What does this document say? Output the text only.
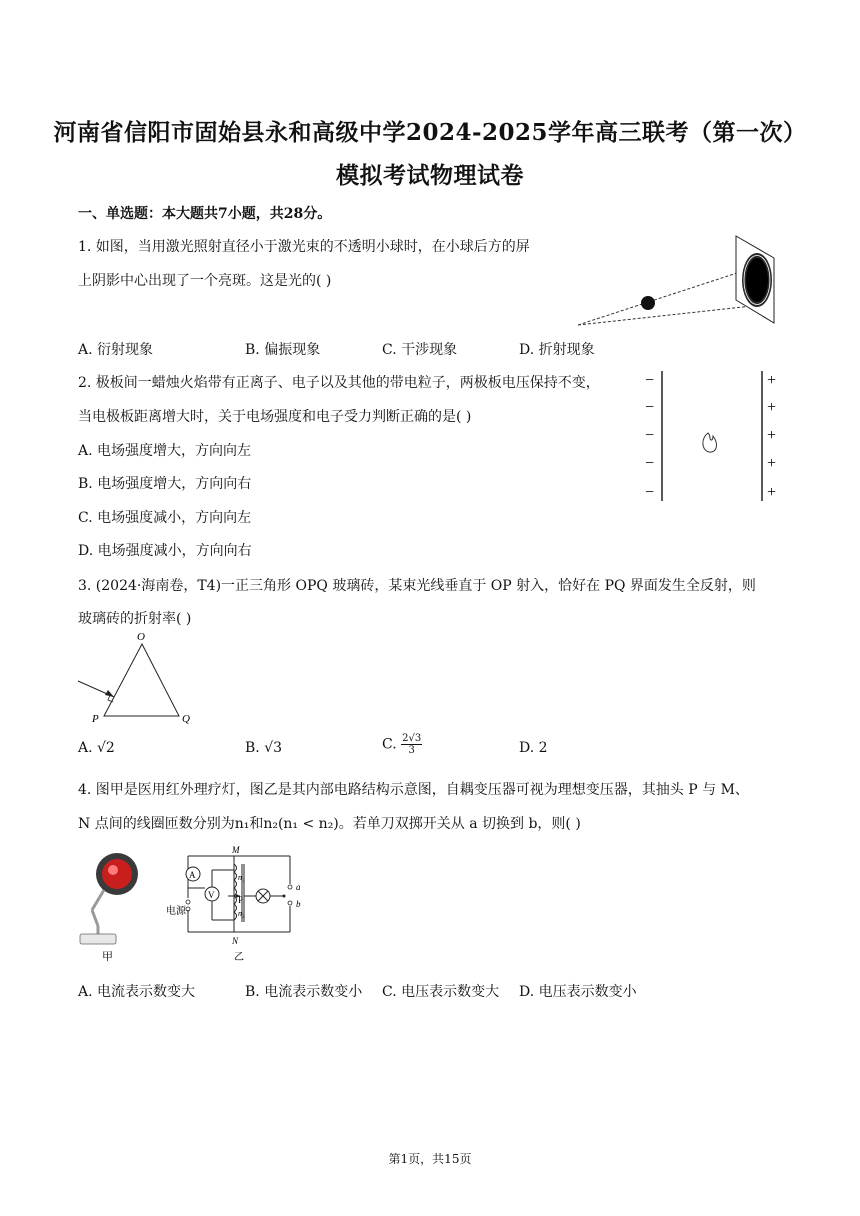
河南省信阳市固始县永和高级中学2024-2025学年高三联考（第一次）
模拟考试物理试卷
一、单选题：本大题共7小题，共28分。
1. 如图，当用激光照射直径小于激光束的不透明小球时，在小球后方的屏
上阴影中心出现了一个亮斑。这是光的( )
A. 衍射现象	B. 偏振现象	C. 干涉现象	D. 折射现象
2. 极板间一蜡烛火焰带有正离子、电子以及其他的带电粒子，两极板电压保持不变，
当电极板距离增大时，关于电场强度和电子受力判断正确的是( )
−
−
−
−
−
+
+
+
+
+
A. 电场强度增大，方向向左
B. 电场强度增大，方向向右
C. 电场强度减小，方向向左
D. 电场强度减小，方向向右
3. (2024·海南卷，T4)一正三角形 OPQ 玻璃砖，某束光线垂直于 OP 射入，恰好在 PQ 界面发生全反射，则
玻璃砖的折射率( )
O
P	Q
A. √2	B. √3	C. $\frac{2√3}{3}$	D. 2
4. 图甲是医用红外理疗灯，图乙是其内部电路结构示意图，自耦变压器可视为理想变压器，其抽头 P 与 M、
N 点间的线圈匝数分别为n₁和n₂(n₁ < n₂)。若单刀双掷开关从 a 切换到 b，则( )
甲
电源
A
V	P
n₁
n₂
M
N
乙
a
b
A. 电流表示数变大	B. 电流表示数变小 C. 电压表示数变大 D. 电压表示数变小
第1页，共15页
